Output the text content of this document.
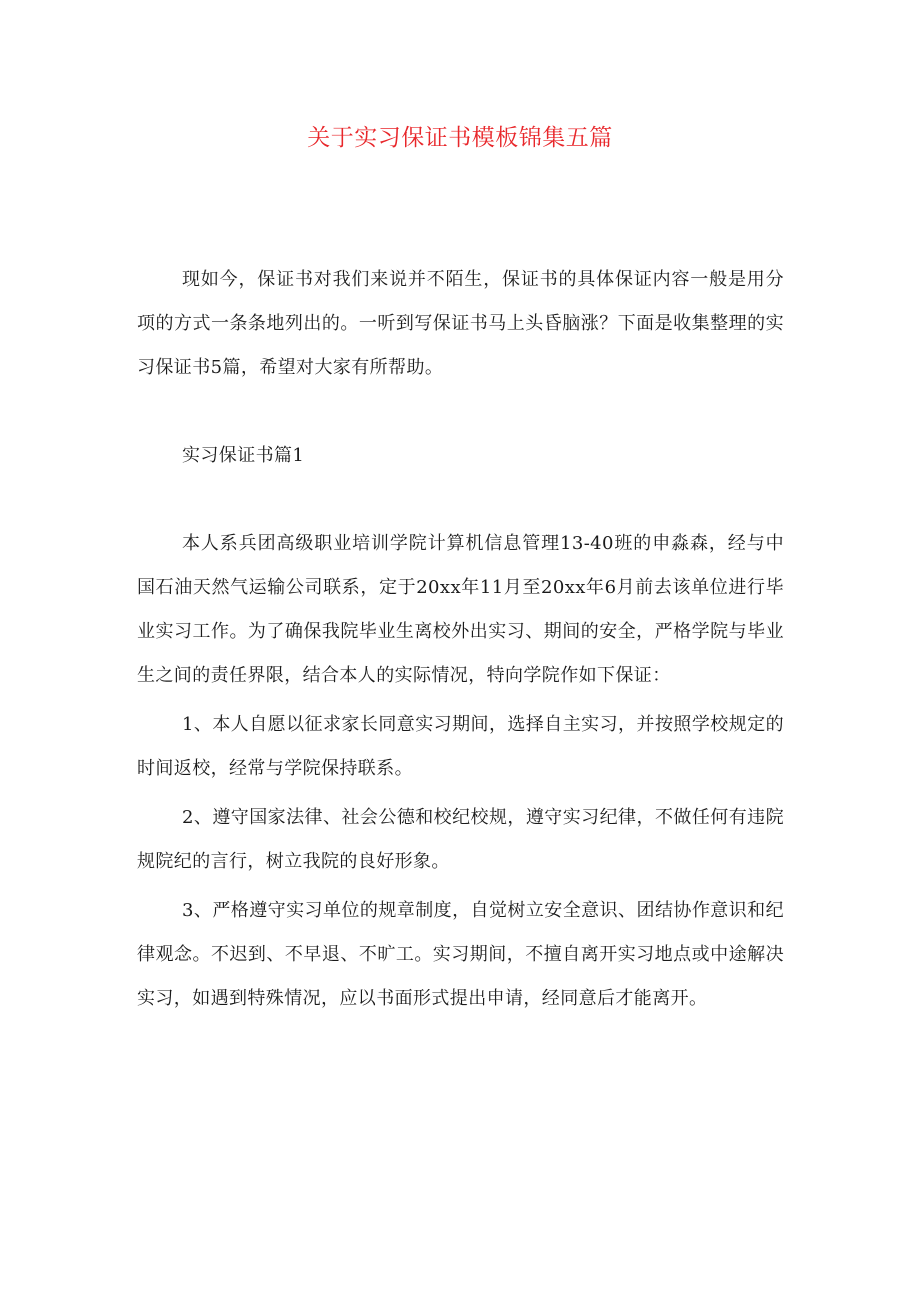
关于实习保证书模板锦集五篇

现如今，保证书对我们来说并不陌生，保证书的具体保证内容一般是用分项的方式一条条地列出的。一听到写保证书马上头昏脑涨？下面是收集整理的实习保证书5篇，希望对大家有所帮助。

实习保证书篇1

本人系兵团高级职业培训学院计算机信息管理13-40班的申淼森，经与中国石油天然气运输公司联系，定于20xx年11月至20xx年6月前去该单位进行毕业实习工作。为了确保我院毕业生离校外出实习、期间的安全，严格学院与毕业生之间的责任界限，结合本人的实际情况，特向学院作如下保证：

1、本人自愿以征求家长同意实习期间，选择自主实习，并按照学校规定的时间返校，经常与学院保持联系。

2、遵守国家法律、社会公德和校纪校规，遵守实习纪律，不做任何有违院规院纪的言行，树立我院的良好形象。

3、严格遵守实习单位的规章制度，自觉树立安全意识、团结协作意识和纪律观念。不迟到、不早退、不旷工。实习期间，不擅自离开实习地点或中途解决实习，如遇到特殊情况，应以书面形式提出申请，经同意后才能离开。
